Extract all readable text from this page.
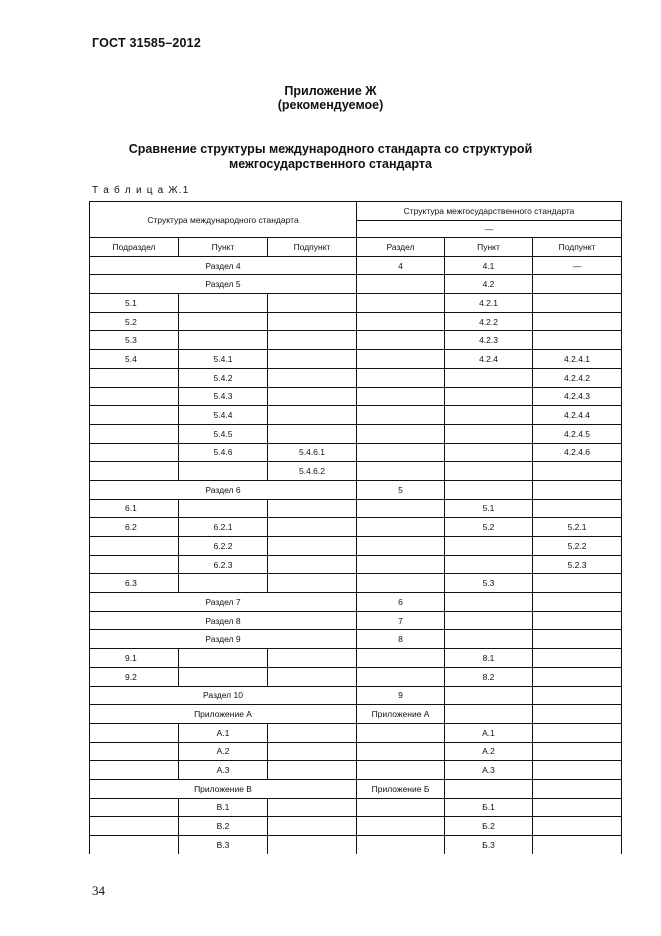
ГОСТ 31585–2012
Приложение Ж
(рекомендуемое)
Сравнение структуры международного стандарта со структурой
межгосударственного стандарта
Т а б л и ц а Ж.1
Структура международного стандарта			Структура межгосударственного стандарта		
			—		
Подраздел	Пункт	Подпункт	Раздел	Пункт	Подпункт
Раздел 4			4	4.1	—
Раздел 5				4.2	
5.1				4.2.1	
5.2				4.2.2	
5.3				4.2.3	
5.4	5.4.1			4.2.4	4.2.4.1
	5.4.2				4.2.4.2
	5.4.3				4.2.4.3
	5.4.4				4.2.4.4
	5.4.5				4.2.4.5
	5.4.6	5.4.6.1			4.2.4.6
		5.4.6.2			
Раздел 6			5		
6.1				5.1	
6.2	6.2.1			5.2	5.2.1
	6.2.2				5.2.2
	6.2.3				5.2.3
6.3				5.3	
Раздел 7			6		
Раздел 8			7		
Раздел 9			8		
9.1				8.1	
9.2				8.2	
Раздел 10			9		
Приложение А			Приложение А		
	А.1			А.1	
	А.2			А.2	
	А.3			А.3	
Приложение В			Приложение Б		
	В.1			Б.1	
	В.2			Б.2	
	В.3			Б.3	
34
